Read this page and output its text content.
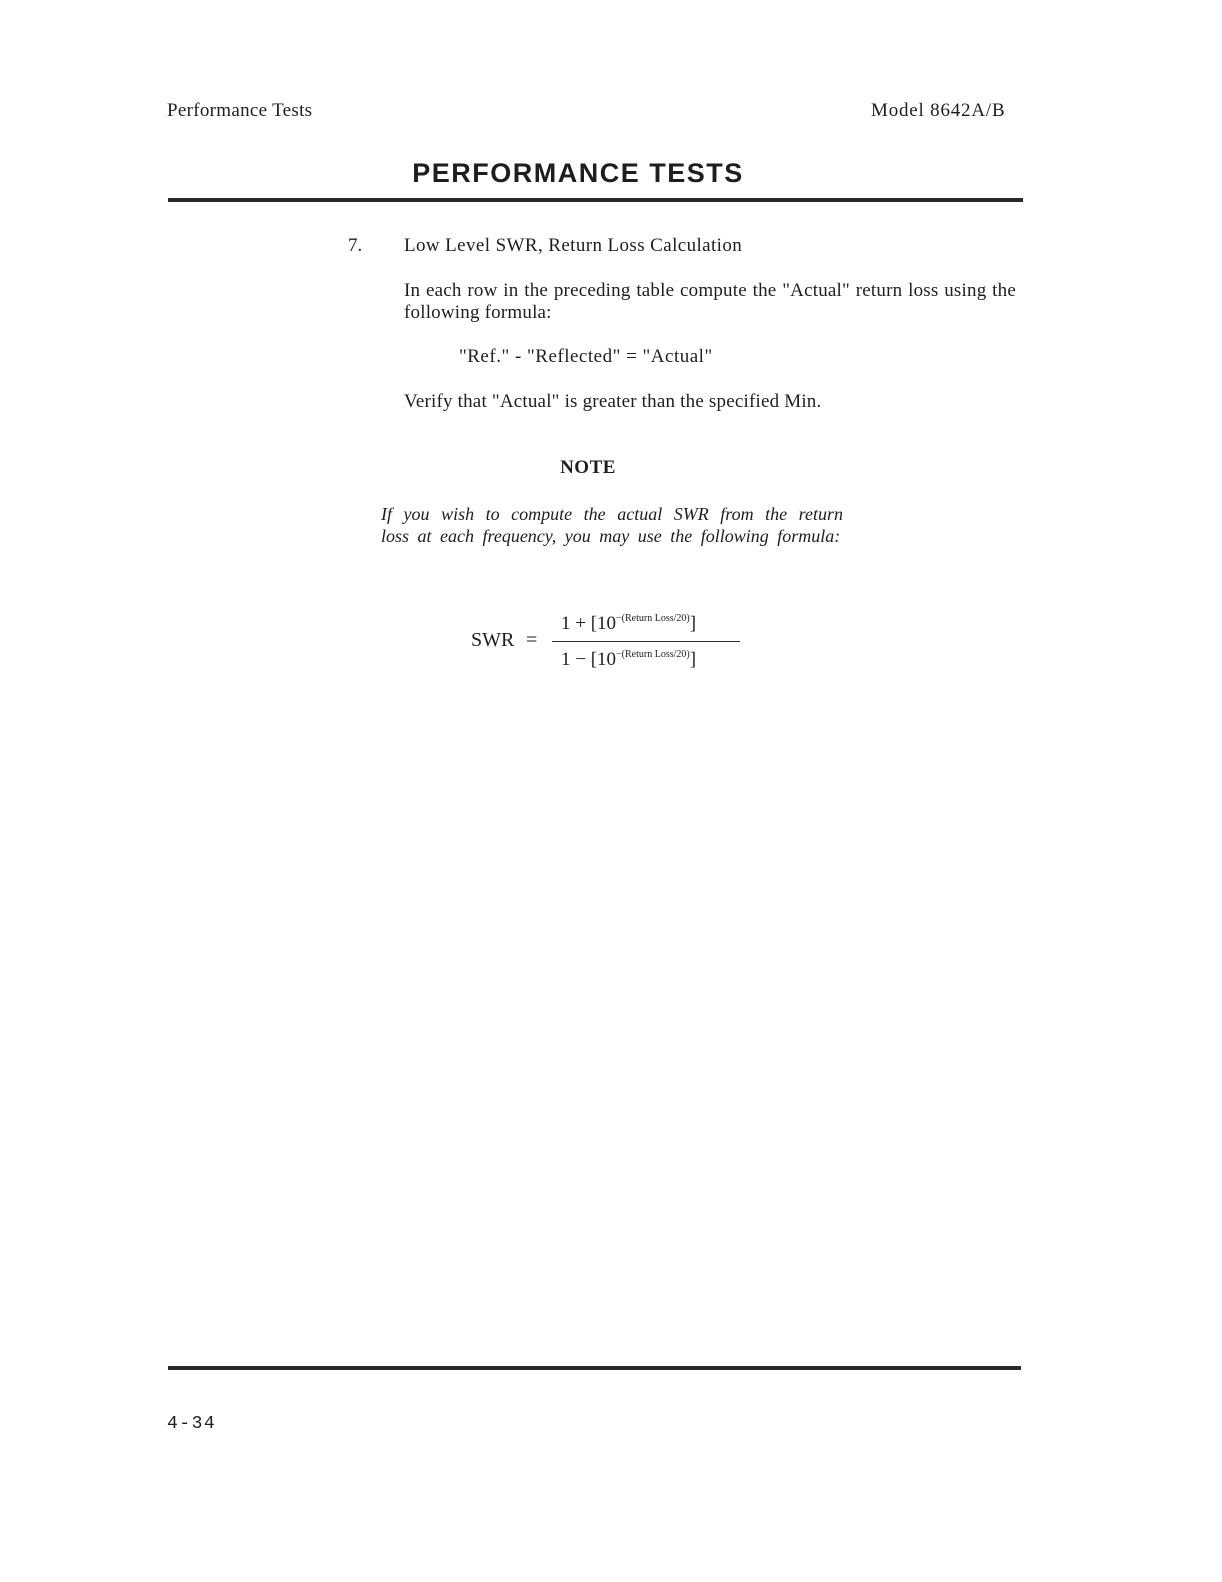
Performance Tests	Model 8642A/B
PERFORMANCE TESTS
7. Low Level SWR, Return Loss Calculation
In each row in the preceding table compute the "Actual" return loss using the following formula:
"Ref." - "Reflected" = "Actual"
Verify that "Actual" is greater than the specified Min.
NOTE
If you wish to compute the actual SWR from the return loss at each frequency, you may use the following formula:
SWR =
$1 + [10^{-(Return Loss/20)}]$
$1 - [10^{-(Return Loss/20)}]$
4-34
